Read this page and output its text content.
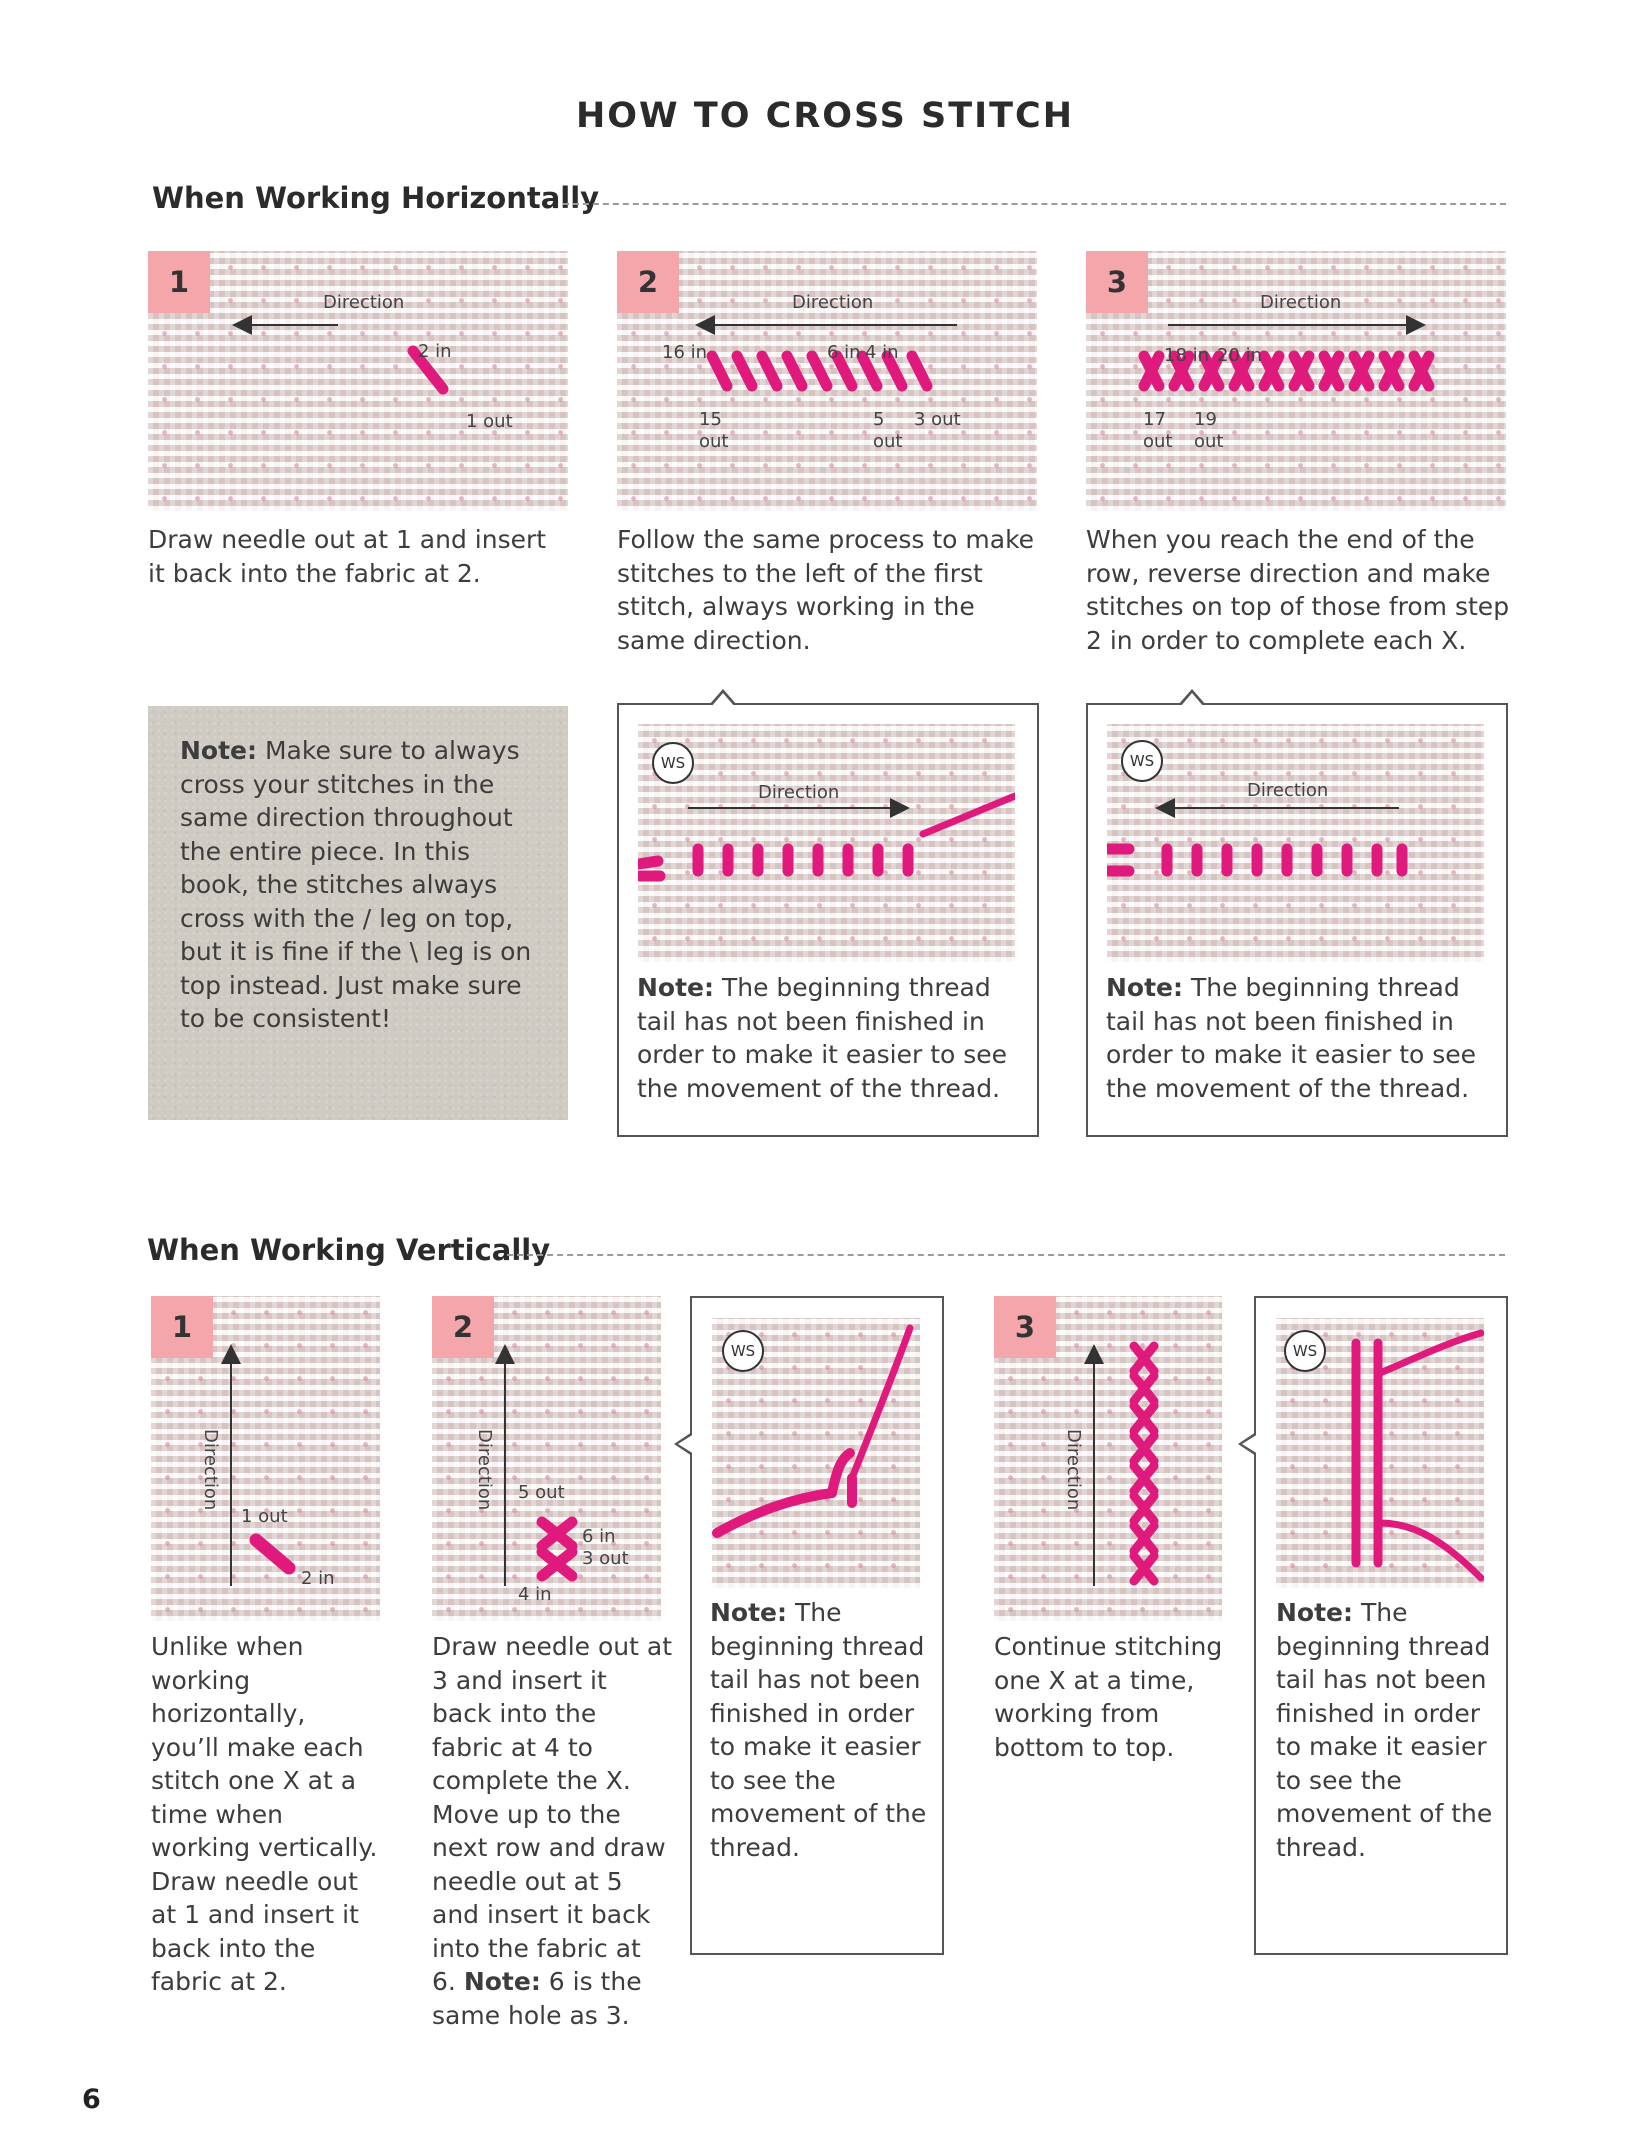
HOW TO CROSS STITCH
When Working Horizontally
1
Direction
2 in
1 out
Draw needle out at 1 and insert it back into the fabric at 2.
2
Direction
16 in	6 in 4 in
15
out
5
out
3 out
Follow the same process to make stitches to the left of the first stitch, always working in the same direction.
3
Direction
18 in 20 in
17
out
19
out
When you reach the end of the row, reverse direction and make stitches on top of those from step 2 in order to complete each X.
Note: Make sure to always cross your stitches in the same direction throughout the entire piece. In this book, the stitches always cross with the / leg on top, but it is fine if the \ leg is on top instead. Just make sure to be consistent!
WS
Direction
Note: The beginning thread tail has not been finished in order to make it easier to see the movement of the thread.
WS
Direction
Note: The beginning thread tail has not been finished in order to make it easier to see the movement of the thread.
When Working Vertically
1
Direction
1 out
2 in
Unlike when working horizontally, you’ll make each stitch one X at a time when working vertically. Draw needle out at 1 and insert it back into the fabric at 2.
2
Direction 5 out
6 in
3 out
4 in
Draw needle out at 3 and insert it back into the fabric at 4 to complete the X. Move up to the next row and draw needle out at 5 and insert it back into the fabric at 6. Note: 6 is the same hole as 3.
WS
Note: The beginning thread tail has not been finished in order to make it easier to see the movement of the thread.
3
Direction
Continue stitching one X at a time, working from bottom to top.
WS
Note: The beginning thread tail has not been finished in order to make it easier to see the movement of the thread.
6
